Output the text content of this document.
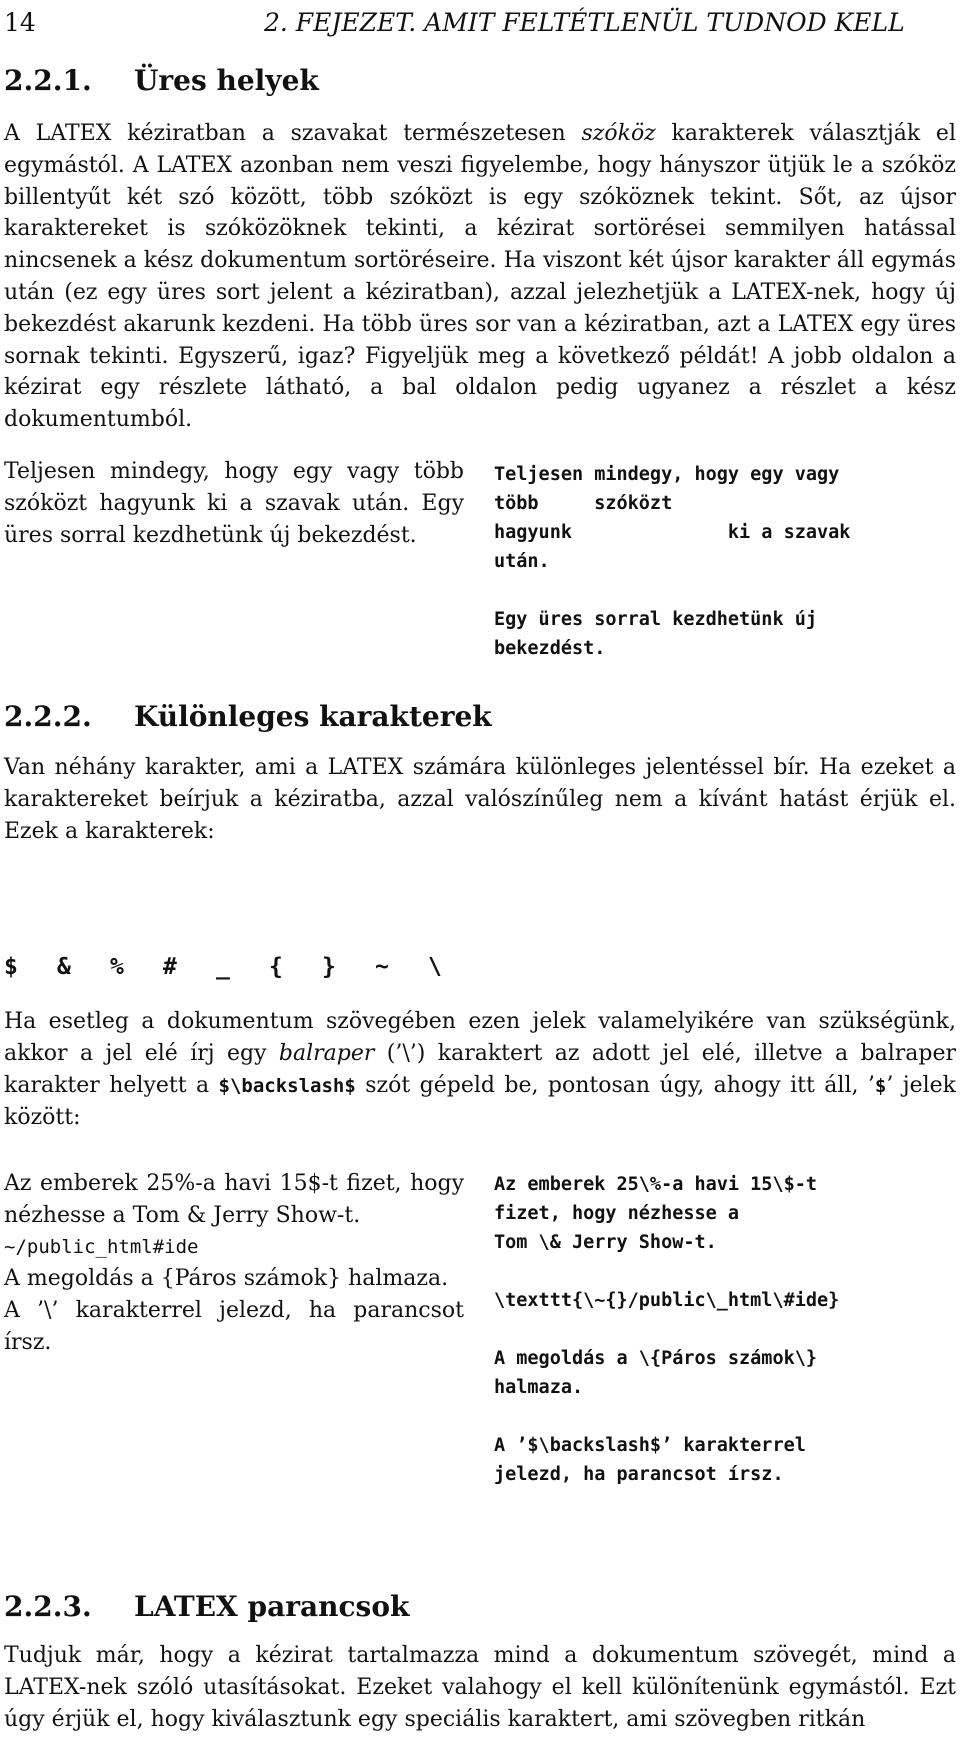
14	2. FEJEZET. AMIT FELTÉTLENÜL TUDNOD KELL
2.2.1.	Üres helyek

A LATEX kéziratban a szavakat természetesen szóköz karakterek választják el egymástól. A LATEX azonban nem veszi figyelembe, hogy hányszor ütjük le a szóköz billentyűt két szó között, több szóközt is egy szóköznek tekint. Sőt, az újsor karaktereket is szóközöknek tekinti, a kézirat sortörései semmilyen hatással nincsenek a kész dokumentum sortöréseire. Ha viszont két újsor karakter áll egymás után (ez egy üres sort jelent a kéziratban), azzal jelezhetjük a LATEX-nek, hogy új bekezdést akarunk kezdeni. Ha több üres sor van a kéziratban, azt a LATEX egy üres sornak tekinti. Egyszerű, igaz? Figyeljük meg a következő példát! A jobb oldalon a kézirat egy részlete látható, a bal oldalon pedig ugyanez a részlet a kész dokumentumból.

Teljesen mindegy, hogy egy vagy több szóközt hagyunk ki a szavak után. Egy üres sorral kezdhetünk új bekezdést.

Teljesen mindegy, hogy egy vagy
több     szóközt
hagyunk              ki a szavak
után.

Egy üres sorral kezdhetünk új
bekezdést.

2.2.2.	Különleges karakterek

Van néhány karakter, ami a LATEX számára különleges jelentéssel bír. Ha ezeket a karaktereket beírjuk a kéziratba, azzal valószínűleg nem a kívánt hatást érjük el. Ezek a karakterek:

$	&	%	#	_	{	}	~	\

Ha esetleg a dokumentum szövegében ezen jelek valamelyikére van szükségünk, akkor a jel elé írj egy balraper (’\’) karaktert az adott jel elé, illetve a balraper karakter helyett a $\backslash$ szót gépeld be, pontosan úgy, ahogy itt áll, ’$’ jelek között:

Az emberek 25%-a havi 15$-t fizet, hogy nézhesse a Tom & Jerry Show-t.
~/public_html#ide
A megoldás a {Páros számok} halmaza.
A ’\’ karakterrel jelezd, ha parancsot írsz.

Az emberek 25\%-a havi 15\$-t
fizet, hogy nézhesse a
Tom \& Jerry Show-t.

\texttt{\~{}/public\_html\#ide}

A megoldás a \{Páros számok\}
halmaza.

A ’$\backslash$’ karakterrel
jelezd, ha parancsot írsz.

2.2.3.	LATEX parancsok

Tudjuk már, hogy a kézirat tartalmazza mind a dokumentum szövegét, mind a LATEX-nek szóló utasításokat. Ezeket valahogy el kell különítenünk egymástól. Ezt úgy érjük el, hogy kiválasztunk egy speciális karaktert, ami szövegben ritkán
